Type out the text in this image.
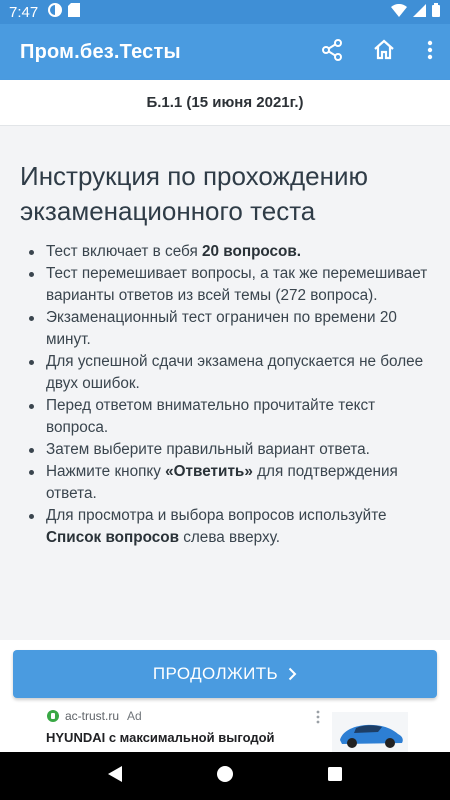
7:47
Пром.без.Тесты
Б.1.1 (15 июня 2021г.)
Инструкция по прохождению экзаменационного теста
Тест включает в себя 20 вопросов.
Тест перемешивает вопросы, а так же перемешивает варианты ответов из всей темы (272 вопроса).
Экзаменационный тест ограничен по времени 20 минут.
Для успешной сдачи экзамена допускается не более двух ошибок.
Перед ответом внимательно прочитайте текст вопроса.
Затем выберите правильный вариант ответа.
Нажмите кнопку «Ответить» для подтверждения ответа.
Для просмотра и выбора вопросов используйте Список вопросов слева вверху.
ПРОДОЛЖИТЬ
ac-trust.ru Ad
HYUNDAI с максимальной выгодой
